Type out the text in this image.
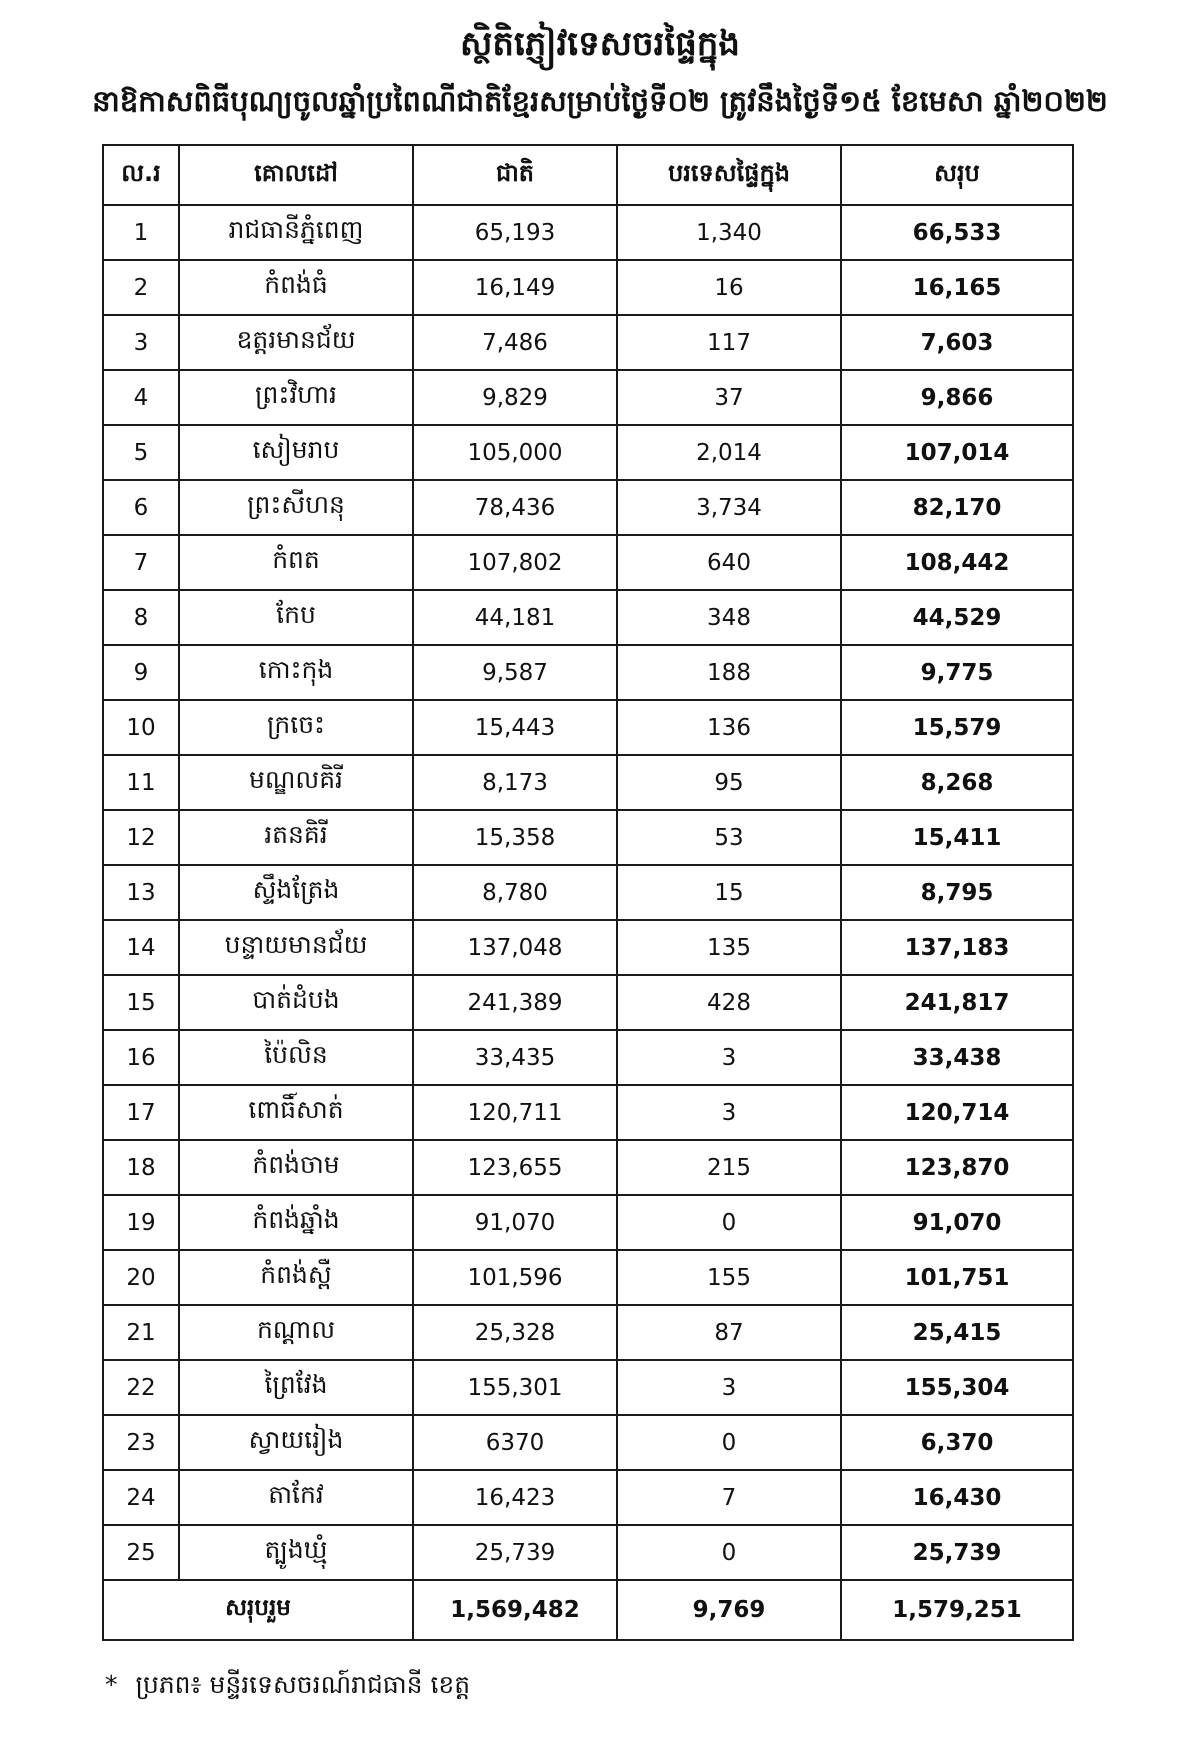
ស្ថិតិភ្ញៀវទេសចរផ្ទៃក្នុង
នាឱកាសពិធីបុណ្យចូលឆ្នាំប្រពៃណីជាតិខ្មែរសម្រាប់ថ្ងៃទី០២ ត្រូវនឹងថ្ងៃទី១៥ ខែមេសា ឆ្នាំ២០២២
ល.រ	គោលដៅ	ជាតិ	បរទេសផ្ទៃក្នុង	សរុប
1	រាជធានីភ្នំពេញ	65,193	1,340	66,533
2	កំពង់ធំ	16,149	16	16,165
3	ឧត្តរមានជ័យ	7,486	117	7,603
4	ព្រះវិហារ	9,829	37	9,866
5	សៀមរាប	105,000	2,014	107,014
6	ព្រះសីហនុ	78,436	3,734	82,170
7	កំពត	107,802	640	108,442
8	កែប	44,181	348	44,529
9	កោះកុង	9,587	188	9,775
10	ក្រចេះ	15,443	136	15,579
11	មណ្ឌលគិរី	8,173	95	8,268
12	រតនគិរី	15,358	53	15,411
13	ស្ទឹងត្រែង	8,780	15	8,795
14	បន្ទាយមានជ័យ	137,048	135	137,183
15	បាត់ដំបង	241,389	428	241,817
16	ប៉ៃលិន	33,435	3	33,438
17	ពោធិ៍សាត់	120,711	3	120,714
18	កំពង់ចាម	123,655	215	123,870
19	កំពង់ឆ្នាំង	91,070	0	91,070
20	កំពង់ស្ពឺ	101,596	155	101,751
21	កណ្ដាល	25,328	87	25,415
22	ព្រៃវែង	155,301	3	155,304
23	ស្វាយរៀង	6370	0	6,370
24	តាកែវ	16,423	7	16,430
25	ត្បូងឃ្មុំ	25,739	0	25,739
សរុបរួម		1,569,482	9,769	1,579,251

* ប្រភព៖ មន្ទីរទេសចរណ៍រាជធានី ខេត្ត
